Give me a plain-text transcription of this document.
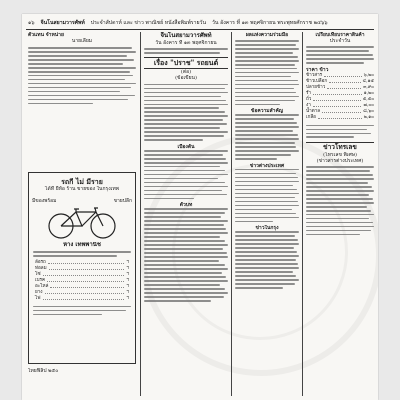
๑๖ จีนโนสยามวารศัพท์ ประจำสัปดาห์ และ ข่าว พาณิชย์ หนังสือพิมพ์รายวัน วัน อังคาร ที่ ๑๓ พฤศจิกายน พระพุทธศักราช ๒๔๖๖
ตัวแทน จำหน่าย
นายเลี่ยม
รถกี ไม่ มีราย
ได้ที่ ยี่ห้อ ร้าน ขายของ ในกรุงเทพ
มีของพร้อม	ขายปลีก
ห้าง เทพพานิช
ล้อรถ	ฯ
ท่อลม	ฯ
โซ่	ฯ
เบรค	ฯ
อะไหล่	ฯ
ยาง	ฯ
ไฟ	ฯ
ไทยฟิลิ๊ป ๒๕๐
จีนโนสยามวารศัพท์
วัน อังคาร ที่ ๑๓ พฤศจิกายน
เรื่อง "ปราช" รถยนต์
(ต่อ)
(ข้อเขียน)
เบื้องต้น
ตัวบท
ผลแห่งความร่วมมือ
ข้อความสำคัญ
ข่าวต่างประเทศ
ข่าวในกรุง
เปรียบเทียบราคาสินค้า
ประจำวัน
ราคา ข้าว
ข้าวสาร	๖,๒๐
ข้าวเปลือก	๔,๑๕
ปลายข้าว	๓,๙๐
รำ	๑,๒๐
ถั่ว	๕,๕๐
งา	๗,๐๐
น้ำตาล	๘,๖๐
เกลือ	๒,๑๐
ข่าวโทรเลข
(โทรเลข พิเศษ)
(ข่าวสารต่างประเทศ)
